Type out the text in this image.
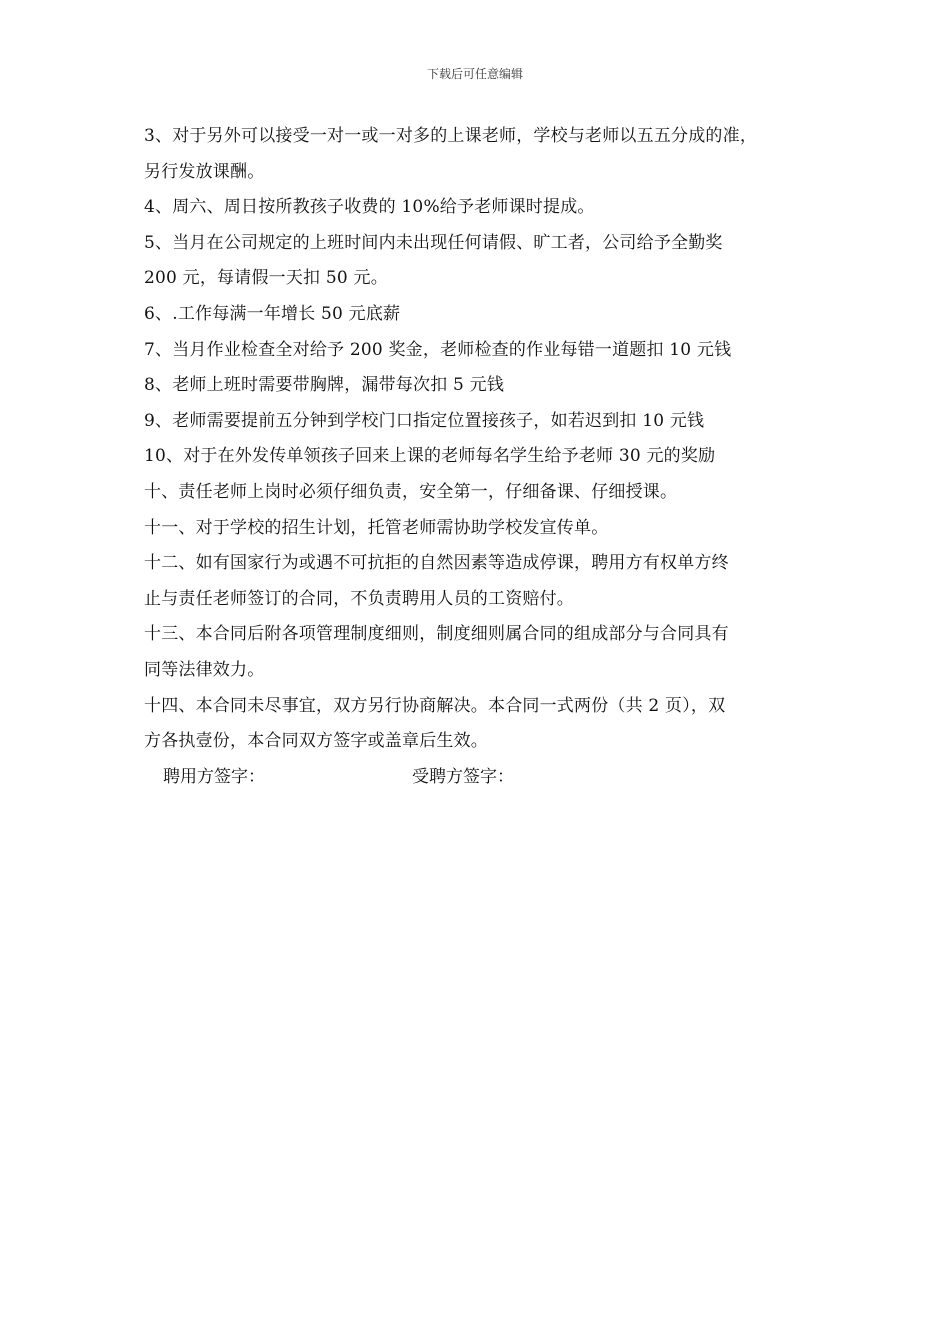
下载后可任意编辑
3、对于另外可以接受一对一或一对多的上课老师，学校与老师以五五分成的准，
另行发放课酬。
4、周六、周日按所教孩子收费的 10%给予老师课时提成。
5、当月在公司规定的上班时间内未出现任何请假、旷工者，公司给予全勤奖
200 元，每请假一天扣 50 元。
6、.工作每满一年增长 50 元底薪
7、当月作业检查全对给予 200 奖金，老师检查的作业每错一道题扣 10 元钱
8、老师上班时需要带胸牌，漏带每次扣 5 元钱
9、老师需要提前五分钟到学校门口指定位置接孩子，如若迟到扣 10 元钱
10、对于在外发传单领孩子回来上课的老师每名学生给予老师 30 元的奖励
十、责任老师上岗时必须仔细负责，安全第一，仔细备课、仔细授课。
十一、对于学校的招生计划，托管老师需协助学校发宣传单。
十二、如有国家行为或遇不可抗拒的自然因素等造成停课，聘用方有权单方终
止与责任老师签订的合同，不负责聘用人员的工资赔付。
十三、本合同后附各项管理制度细则，制度细则属合同的组成部分与合同具有
同等法律效力。
十四、本合同未尽事宜，双方另行协商解决。本合同一式两份（共 2 页），双
方各执壹份，本合同双方签字或盖章后生效。
聘用方签字：	受聘方签字：
